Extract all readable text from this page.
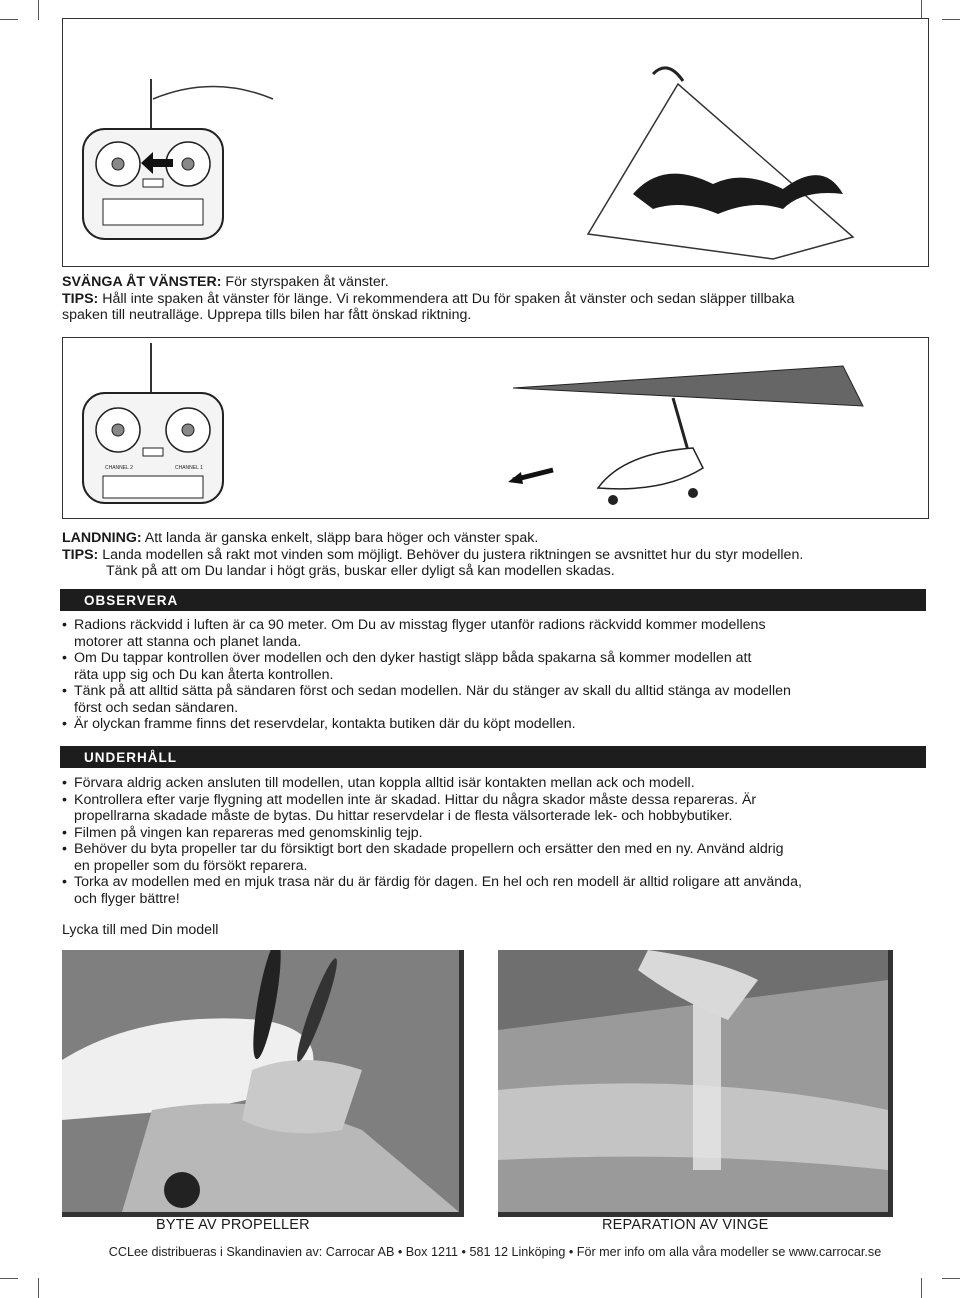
SVÄNGA ÅT VÄNSTER: För styrspaken åt vänster.
TIPS: Håll inte spaken åt vänster för länge. Vi rekommendera att Du för spaken åt vänster och sedan släpper tillbaka
spaken till neutralläge. Upprepa tills bilen har fått önskad riktning.
CHANNEL 2	CHANNEL 1
LANDNING: Att landa är ganska enkelt, släpp bara höger och vänster spak.
TIPS: Landa modellen så rakt mot vinden som möjligt. Behöver du justera riktningen se avsnittet hur du styr modellen.
Tänk på att om Du landar i högt gräs, buskar eller dyligt så kan modellen skadas.
OBSERVERA
• Radions räckvidd i luften är ca 90 meter. Om Du av misstag flyger utanför radions räckvidd kommer modellens
motorer att stanna och planet landa.
• Om Du tappar kontrollen över modellen och den dyker hastigt släpp båda spakarna så kommer modellen att
räta upp sig och Du kan återta kontrollen.
• Tänk på att alltid sätta på sändaren först och sedan modellen. När du stänger av skall du alltid stänga av modellen
först och sedan sändaren.
• Är olyckan framme finns det reservdelar, kontakta butiken där du köpt modellen.
UNDERHÅLL
• Förvara aldrig acken ansluten till modellen, utan koppla alltid isär kontakten mellan ack och modell.
• Kontrollera efter varje flygning att modellen inte är skadad. Hittar du några skador måste dessa repareras. Är
propellrarna skadade måste de bytas. Du hittar reservdelar i de flesta välsorterade lek- och hobbybutiker.
• Filmen på vingen kan repareras med genomskinlig tejp.
• Behöver du byta propeller tar du försiktigt bort den skadade propellern och ersätter den med en ny. Använd aldrig
en propeller som du försökt reparera.
• Torka av modellen med en mjuk trasa när du är färdig för dagen. En hel och ren modell är alltid roligare att använda,
och flyger bättre!
Lycka till med Din modell
BYTE AV PROPELLER	REPARATION AV VINGE
CCLee distribueras i Skandinavien av: Carrocar AB • Box 1211 • 581 12 Linköping • För mer info om alla våra modeller se www.carrocar.se
